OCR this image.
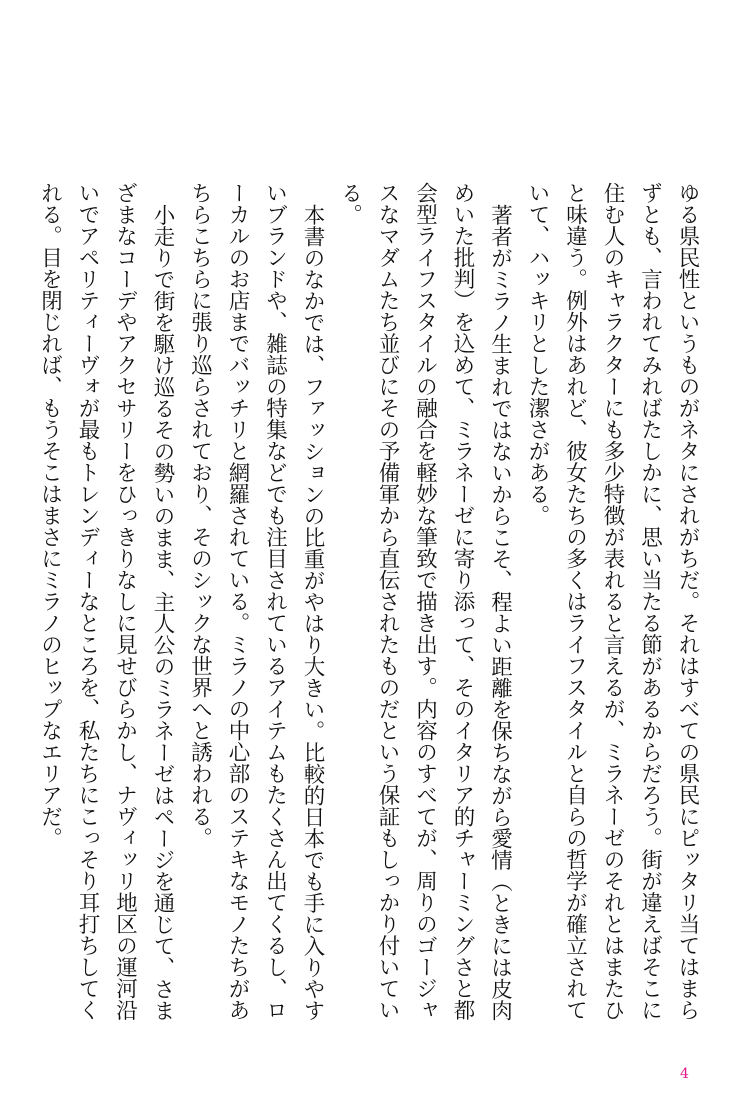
ゆる県民性というものがネタにされがちだ。それはすべての県民にピッタリ当てはまらずとも、言われてみればたしかに、思い当たる節があるからだろう。街が違えばそこに住む人のキャラクターにも多少特徴が表れると言えるが、ミラネーゼのそれとはまたひと味違う。例外はあれど、彼女たちの多くはライフスタイルと自らの哲学が確立されていて、ハッキリとした潔さがある。

著者がミラノ生まれではないからこそ、程よい距離を保ちながら愛情（ときには皮肉めいた批判）を込めて、ミラネーゼに寄り添って、そのイタリア的チャーミングさと都会型ライフスタイルの融合を軽妙な筆致で描き出す。内容のすべてが、周りのゴージャスなマダムたち並びにその予備軍から直伝されたものだという保証もしっかり付いている。

本書のなかでは、ファッションの比重がやはり大きい。比較的日本でも手に入りやすいブランドや、雑誌の特集などでも注目されているアイテムもたくさん出てくるし、ローカルのお店までバッチリと網羅されている。ミラノの中心部のステキなモノたちがあちらこちらに張り巡らされており、そのシックな世界へと誘われる。

小走りで街を駆け巡るその勢いのまま、主人公のミラネーゼはページを通じて、さまざまなコーデやアクセサリーをひっきりなしに見せびらかし、ナヴィッリ地区の運河沿いでアペリティーヴォが最もトレンディーなところを、私たちにこっそり耳打ちしてくれる。目を閉じれば、もうそこはまさにミラノのヒップなエリアだ。

4
